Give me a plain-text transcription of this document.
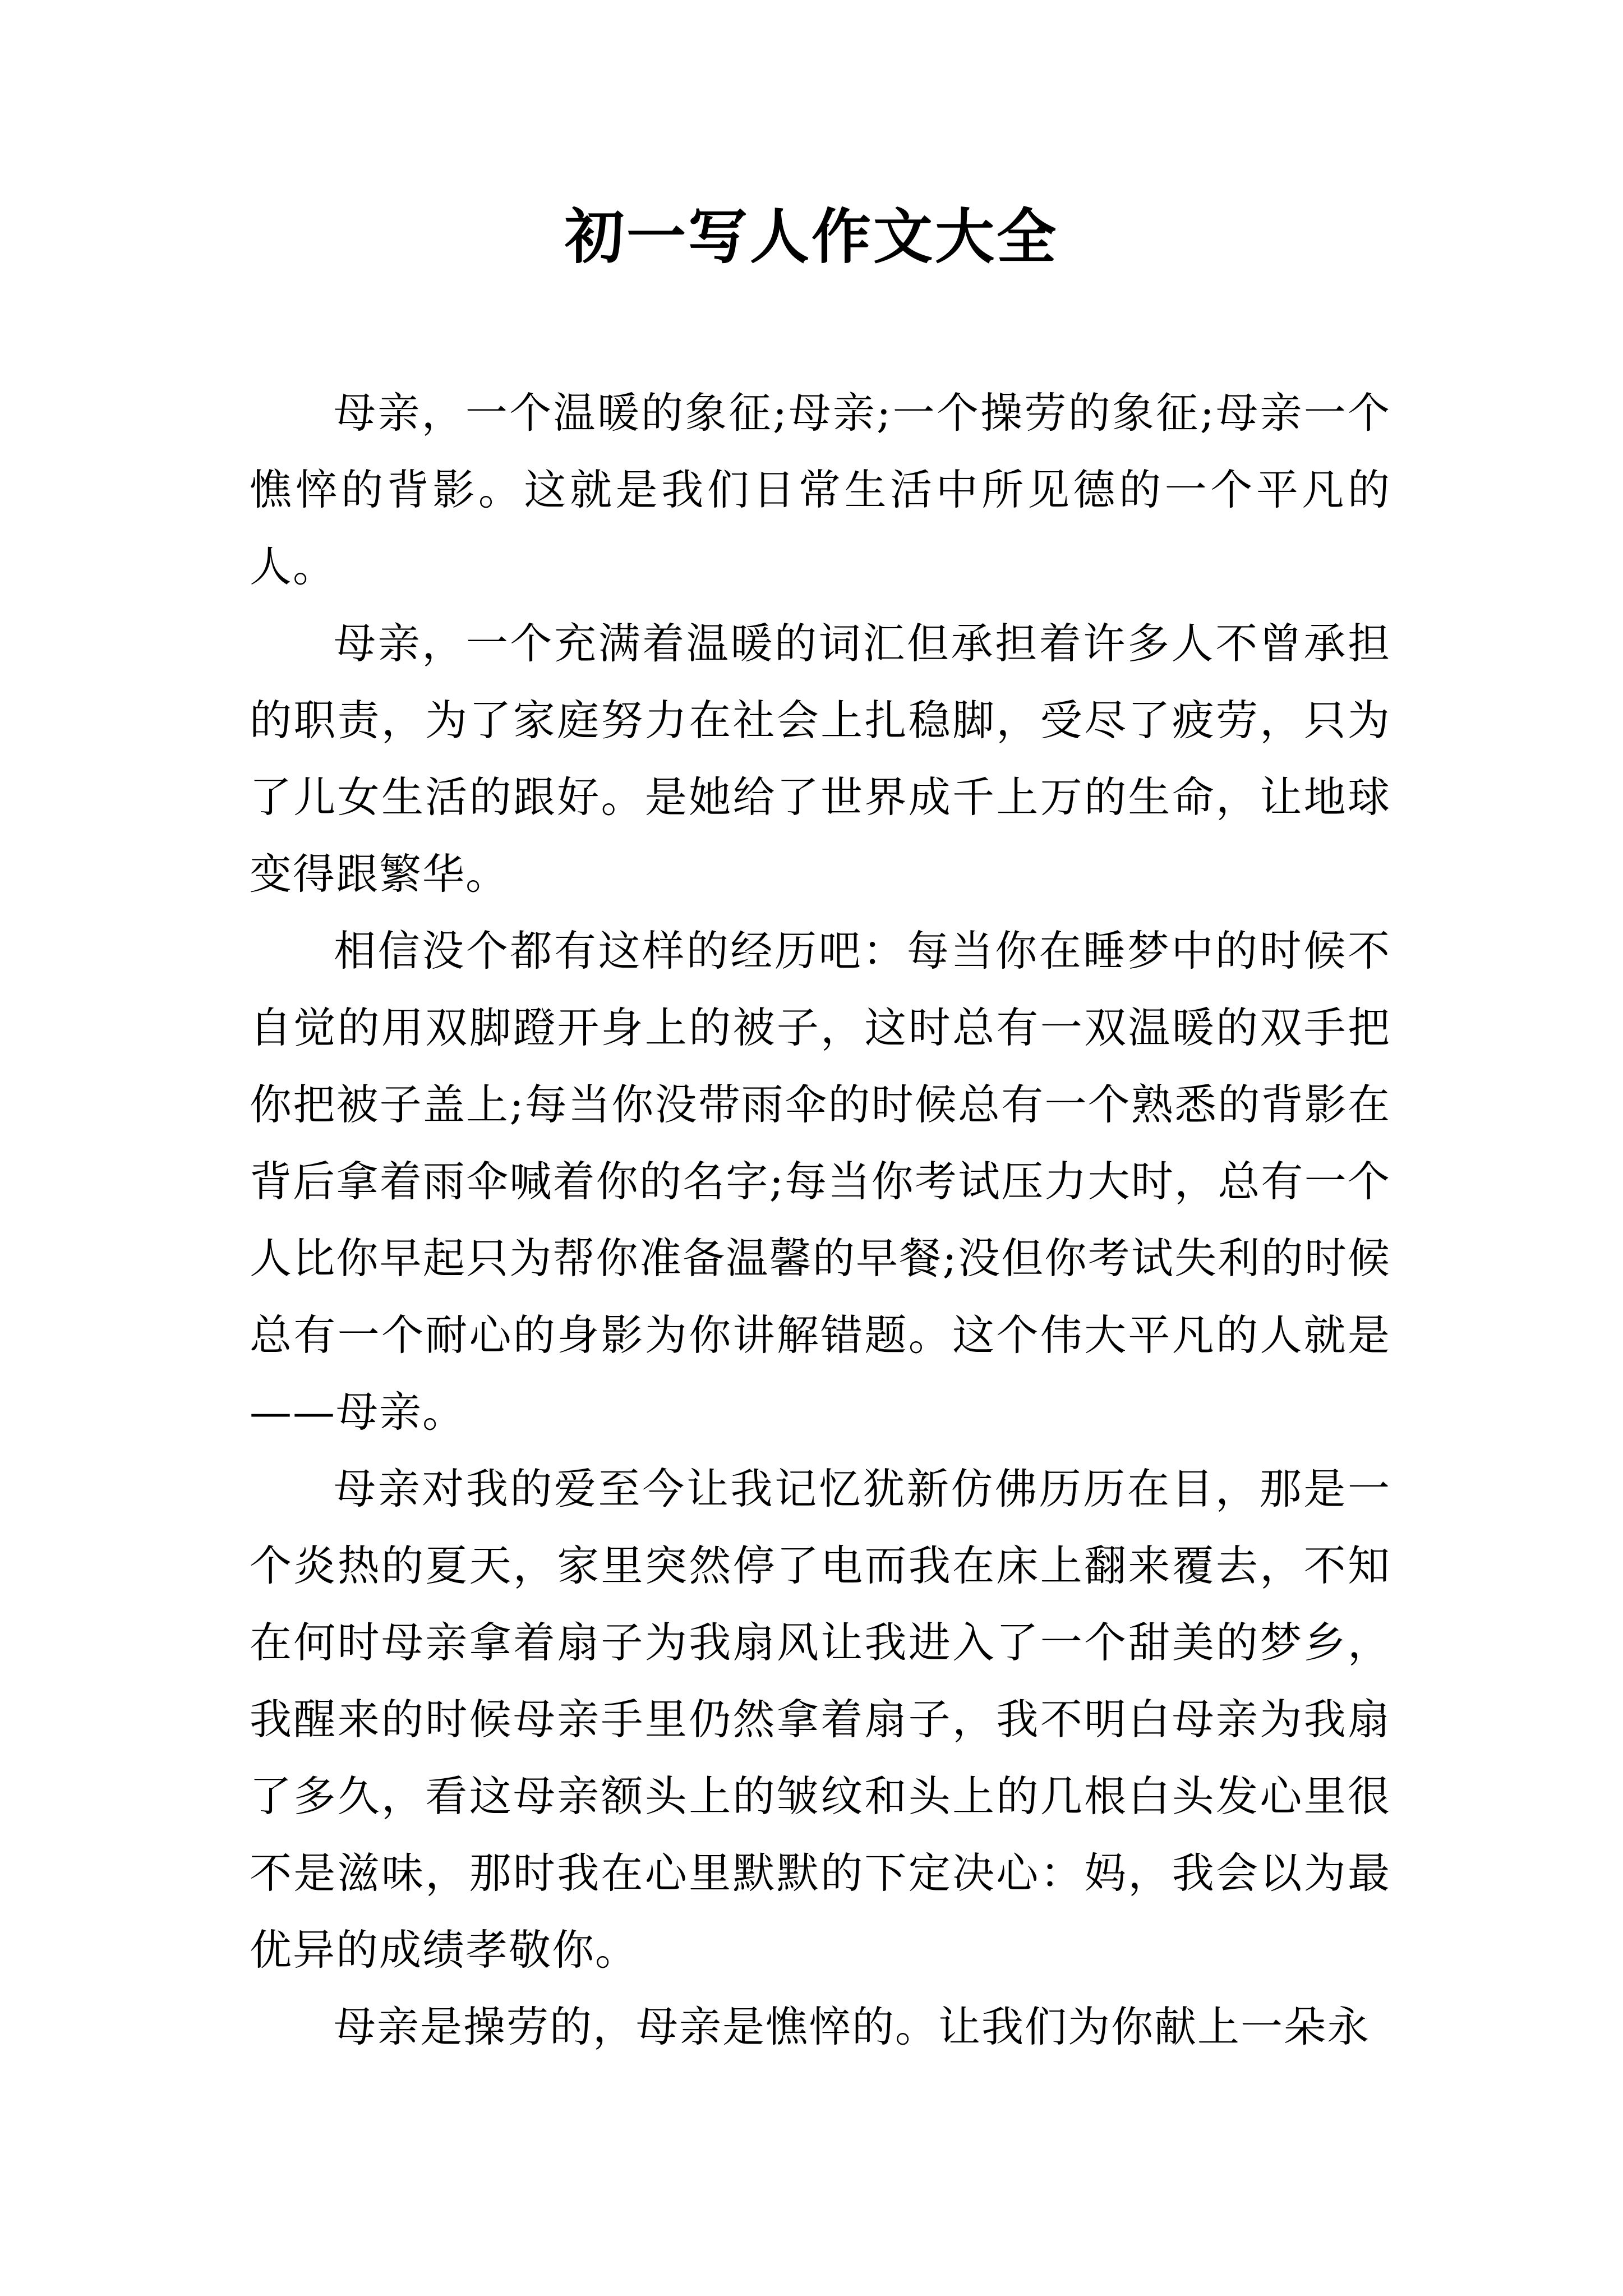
初一写人作文大全

母亲，一个温暖的象征;母亲;一个操劳的象征;母亲一个憔悴的背影。这就是我们日常生活中所见德的一个平凡的人。

母亲，一个充满着温暖的词汇但承担着许多人不曾承担的职责，为了家庭努力在社会上扎稳脚，受尽了疲劳，只为了儿女生活的跟好。是她给了世界成千上万的生命，让地球变得跟繁华。

相信没个都有这样的经历吧：每当你在睡梦中的时候不自觉的用双脚蹬开身上的被子，这时总有一双温暖的双手把你把被子盖上;每当你没带雨伞的时候总有一个熟悉的背影在背后拿着雨伞喊着你的名字;每当你考试压力大时，总有一个人比你早起只为帮你准备温馨的早餐;没但你考试失利的时候总有一个耐心的身影为你讲解错题。这个伟大平凡的人就是——母亲。

母亲对我的爱至今让我记忆犹新仿佛历历在目，那是一个炎热的夏天，家里突然停了电而我在床上翻来覆去，不知在何时母亲拿着扇子为我扇风让我进入了一个甜美的梦乡，我醒来的时候母亲手里仍然拿着扇子，我不明白母亲为我扇了多久，看这母亲额头上的皱纹和头上的几根白头发心里很不是滋味，那时我在心里默默的下定决心：妈，我会以为最优异的成绩孝敬你。

母亲是操劳的，母亲是憔悴的。让我们为你献上一朵永
